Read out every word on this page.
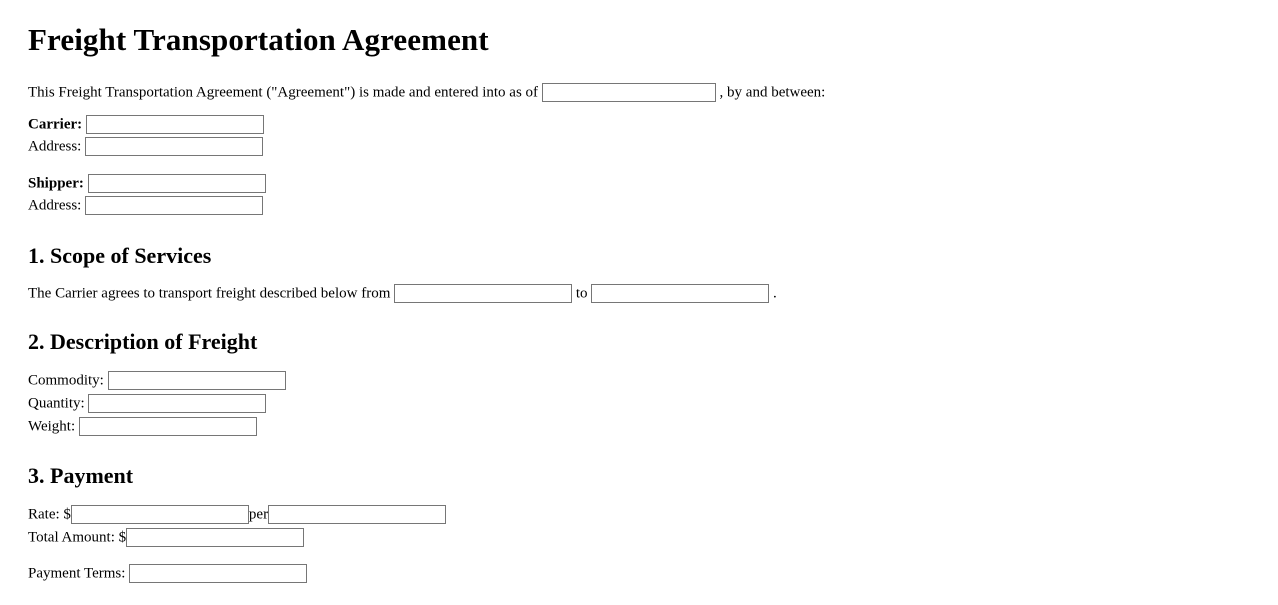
Freight Transportation Agreement

This Freight Transportation Agreement ("Agreement") is made and entered into as of	, by and between:

Carrier:
Address:
Shipper:
Address:
1. Scope of Services

The Carrier agrees to transport freight described below from	to	.

2. Description of Freight
Commodity:
Quantity:
Weight:
3. Payment
Rate: $	per
Total Amount: $
Payment Terms:
